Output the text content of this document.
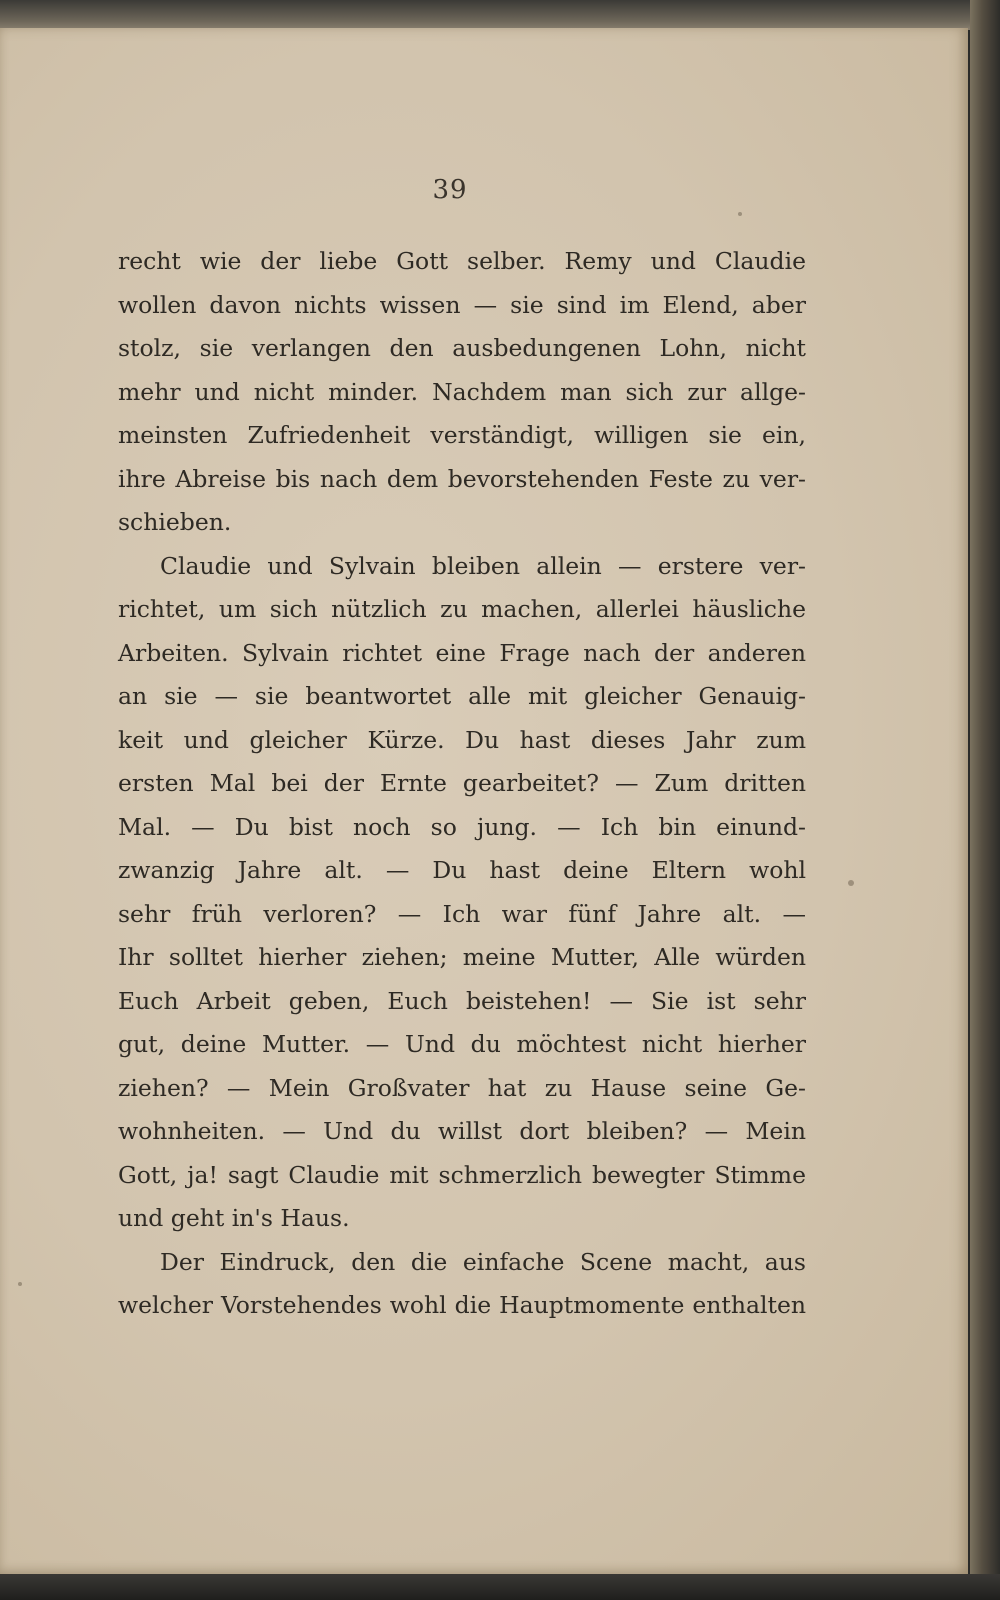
39
recht wie der liebe Gott selber. Remy und Claudie
wollen davon nichts wissen — sie sind im Elend, aber
stolz, sie verlangen den ausbedungenen Lohn, nicht
mehr und nicht minder. Nachdem man sich zur allge-
meinsten Zufriedenheit verständigt, willigen sie ein,
ihre Abreise bis nach dem bevorstehenden Feste zu ver-
schieben.
Claudie und Sylvain bleiben allein — erstere ver-
richtet, um sich nützlich zu machen, allerlei häusliche
Arbeiten. Sylvain richtet eine Frage nach der anderen
an sie — sie beantwortet alle mit gleicher Genauig-
keit und gleicher Kürze. Du hast dieses Jahr zum
ersten Mal bei der Ernte gearbeitet? — Zum dritten
Mal. — Du bist noch so jung. — Ich bin einund-
zwanzig Jahre alt. — Du hast deine Eltern wohl
sehr früh verloren? — Ich war fünf Jahre alt. —
Ihr solltet hierher ziehen; meine Mutter, Alle würden
Euch Arbeit geben, Euch beistehen! — Sie ist sehr
gut, deine Mutter. — Und du möchtest nicht hierher
ziehen? — Mein Großvater hat zu Hause seine Ge-
wohnheiten. — Und du willst dort bleiben? — Mein
Gott, ja! sagt Claudie mit schmerzlich bewegter Stimme
und geht in's Haus.
Der Eindruck, den die einfache Scene macht, aus
welcher Vorstehendes wohl die Hauptmomente enthalten
